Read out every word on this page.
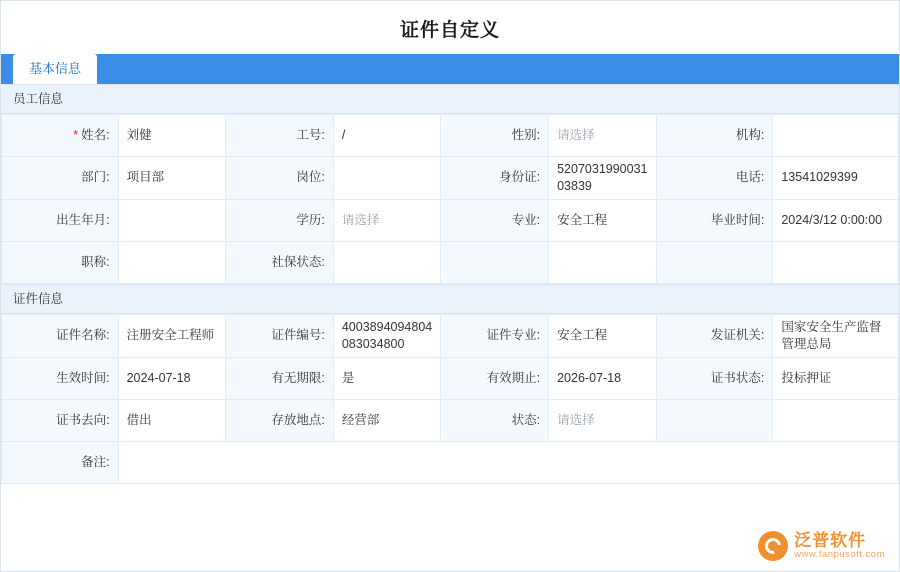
证件自定义
基本信息
员工信息
* 姓名:	刘健	工号:	/	性别:	请选择	机构:	
部门:	项目部	岗位:		身份证:	520703199003103839	电话:	13541029399
出生年月:		学历:	请选择	专业:	安全工程	毕业时间:	2024/3/12 0:00:00
职称:		社保状态:					
证件信息
证件名称:	注册安全工程师	证件编号:	4003894094804083034800	证件专业:	安全工程	发证机关:	国家安全生产监督管理总局
生效时间:	2024-07-18	有无期限:	是	有效期止:	2026-07-18	证书状态:	投标押证
证书去向:	借出	存放地点:	经营部	状态:	请选择		
备注:							
泛普软件
www.fanpusoft.com
